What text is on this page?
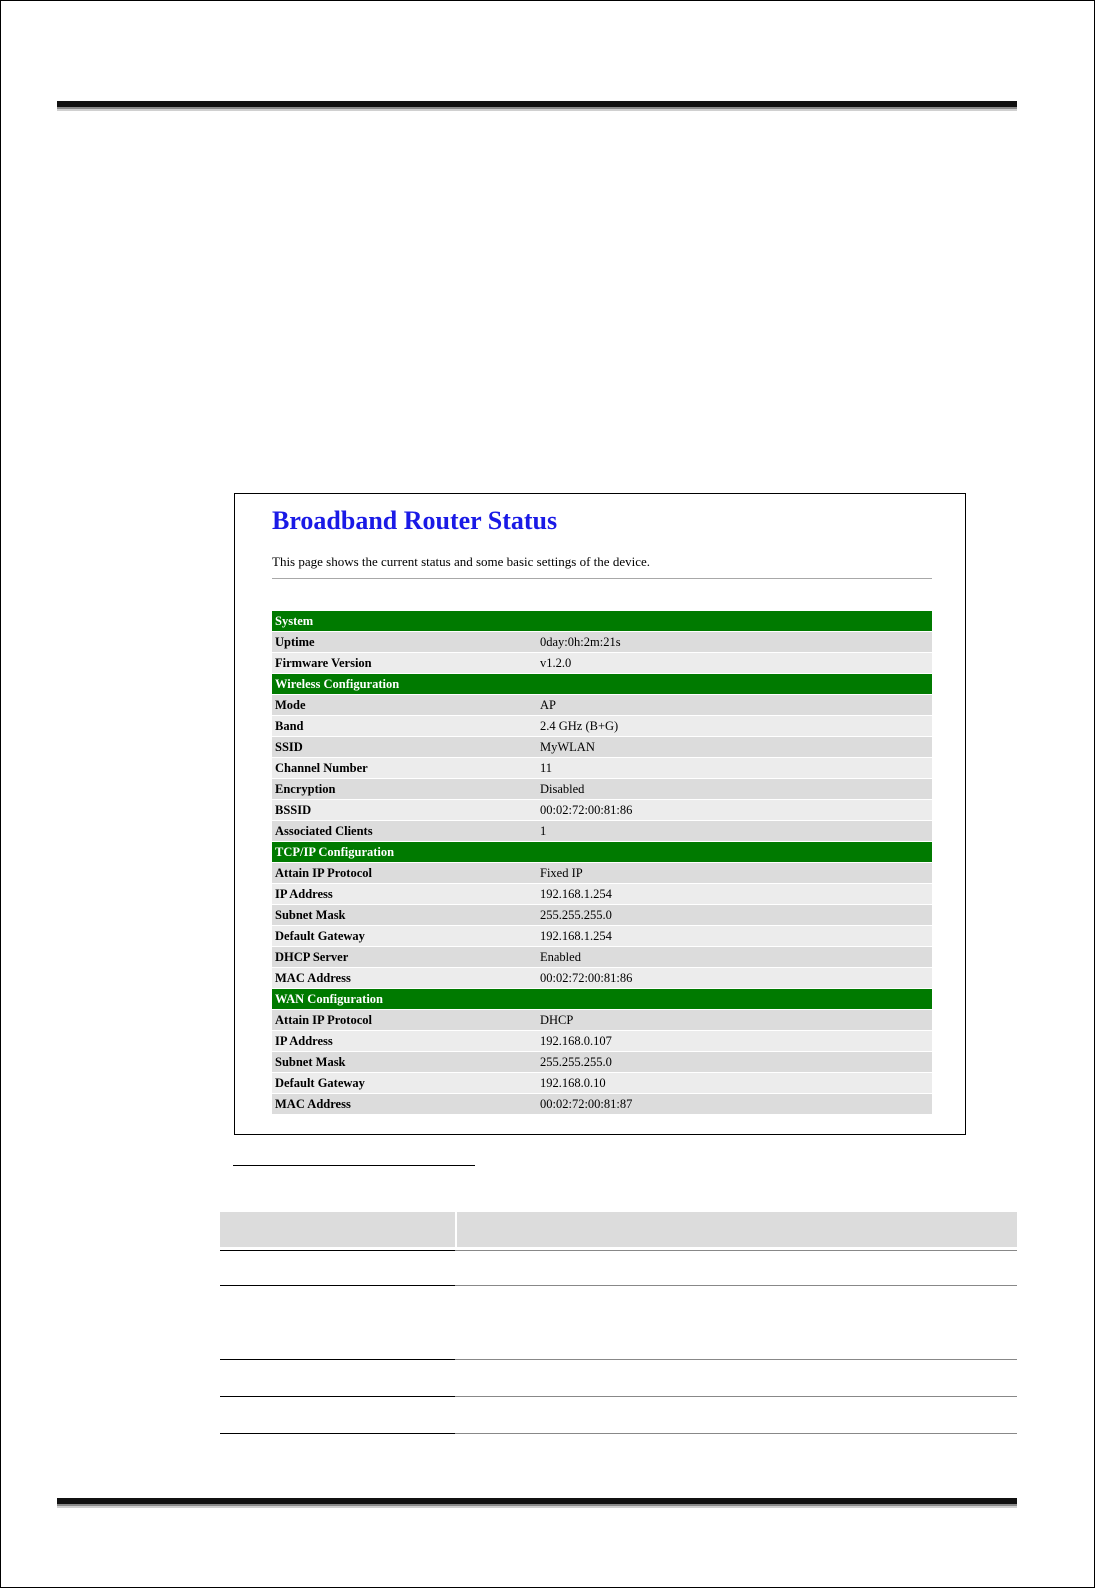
Broadband Router Status
This page shows the current status and some basic settings of the device.
System	
Uptime	0day:0h:2m:21s
Firmware Version	v1.2.0
Wireless Configuration	
Mode	AP
Band	2.4 GHz (B+G)
SSID	MyWLAN
Channel Number	11
Encryption	Disabled
BSSID	00:02:72:00:81:86
Associated Clients	1
TCP/IP Configuration	
Attain IP Protocol	Fixed IP
IP Address	192.168.1.254
Subnet Mask	255.255.255.0
Default Gateway	192.168.1.254
DHCP Server	Enabled
MAC Address	00:02:72:00:81:86
WAN Configuration	
Attain IP Protocol	DHCP
IP Address	192.168.0.107
Subnet Mask	255.255.255.0
Default Gateway	192.168.0.10
MAC Address	00:02:72:00:81:87
